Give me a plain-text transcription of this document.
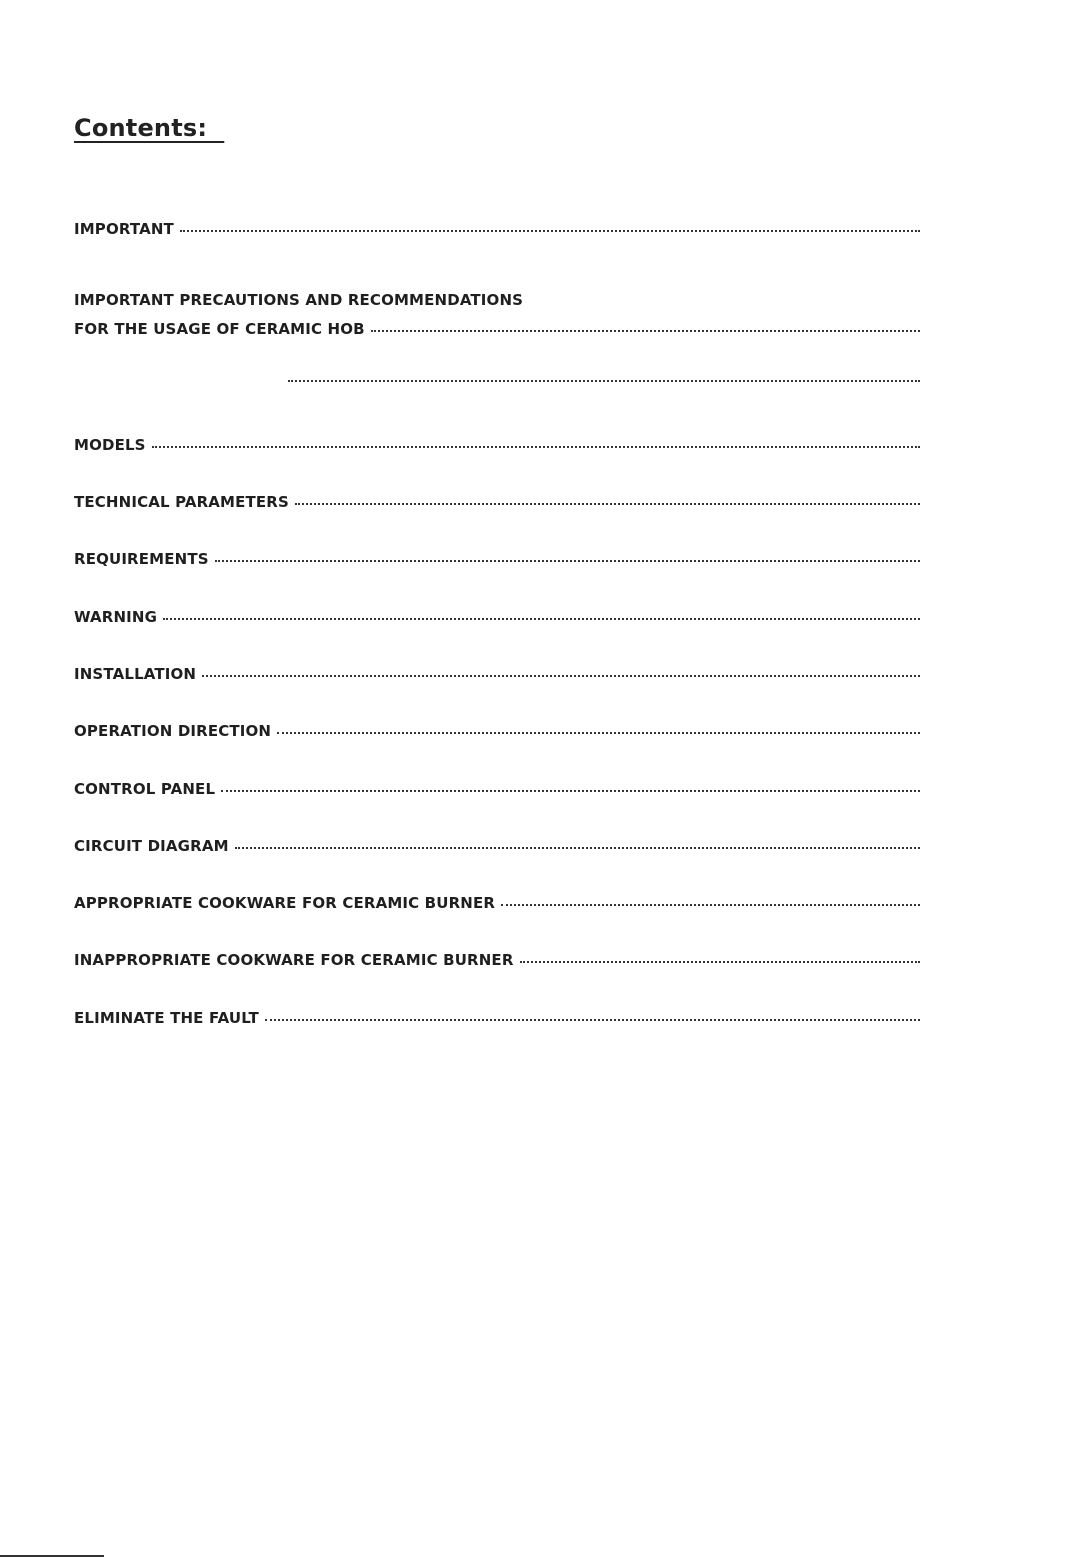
Contents:
IMPORTANT
IMPORTANT PRECAUTIONS AND RECOMMENDATIONS
FOR THE USAGE OF CERAMIC HOB
MODELS
TECHNICAL PARAMETERS
REQUIREMENTS
WARNING
INSTALLATION
OPERATION DIRECTION
CONTROL PANEL
CIRCUIT DIAGRAM
APPROPRIATE COOKWARE FOR CERAMIC BURNER
INAPPROPRIATE COOKWARE FOR CERAMIC BURNER
ELIMINATE THE FAULT
